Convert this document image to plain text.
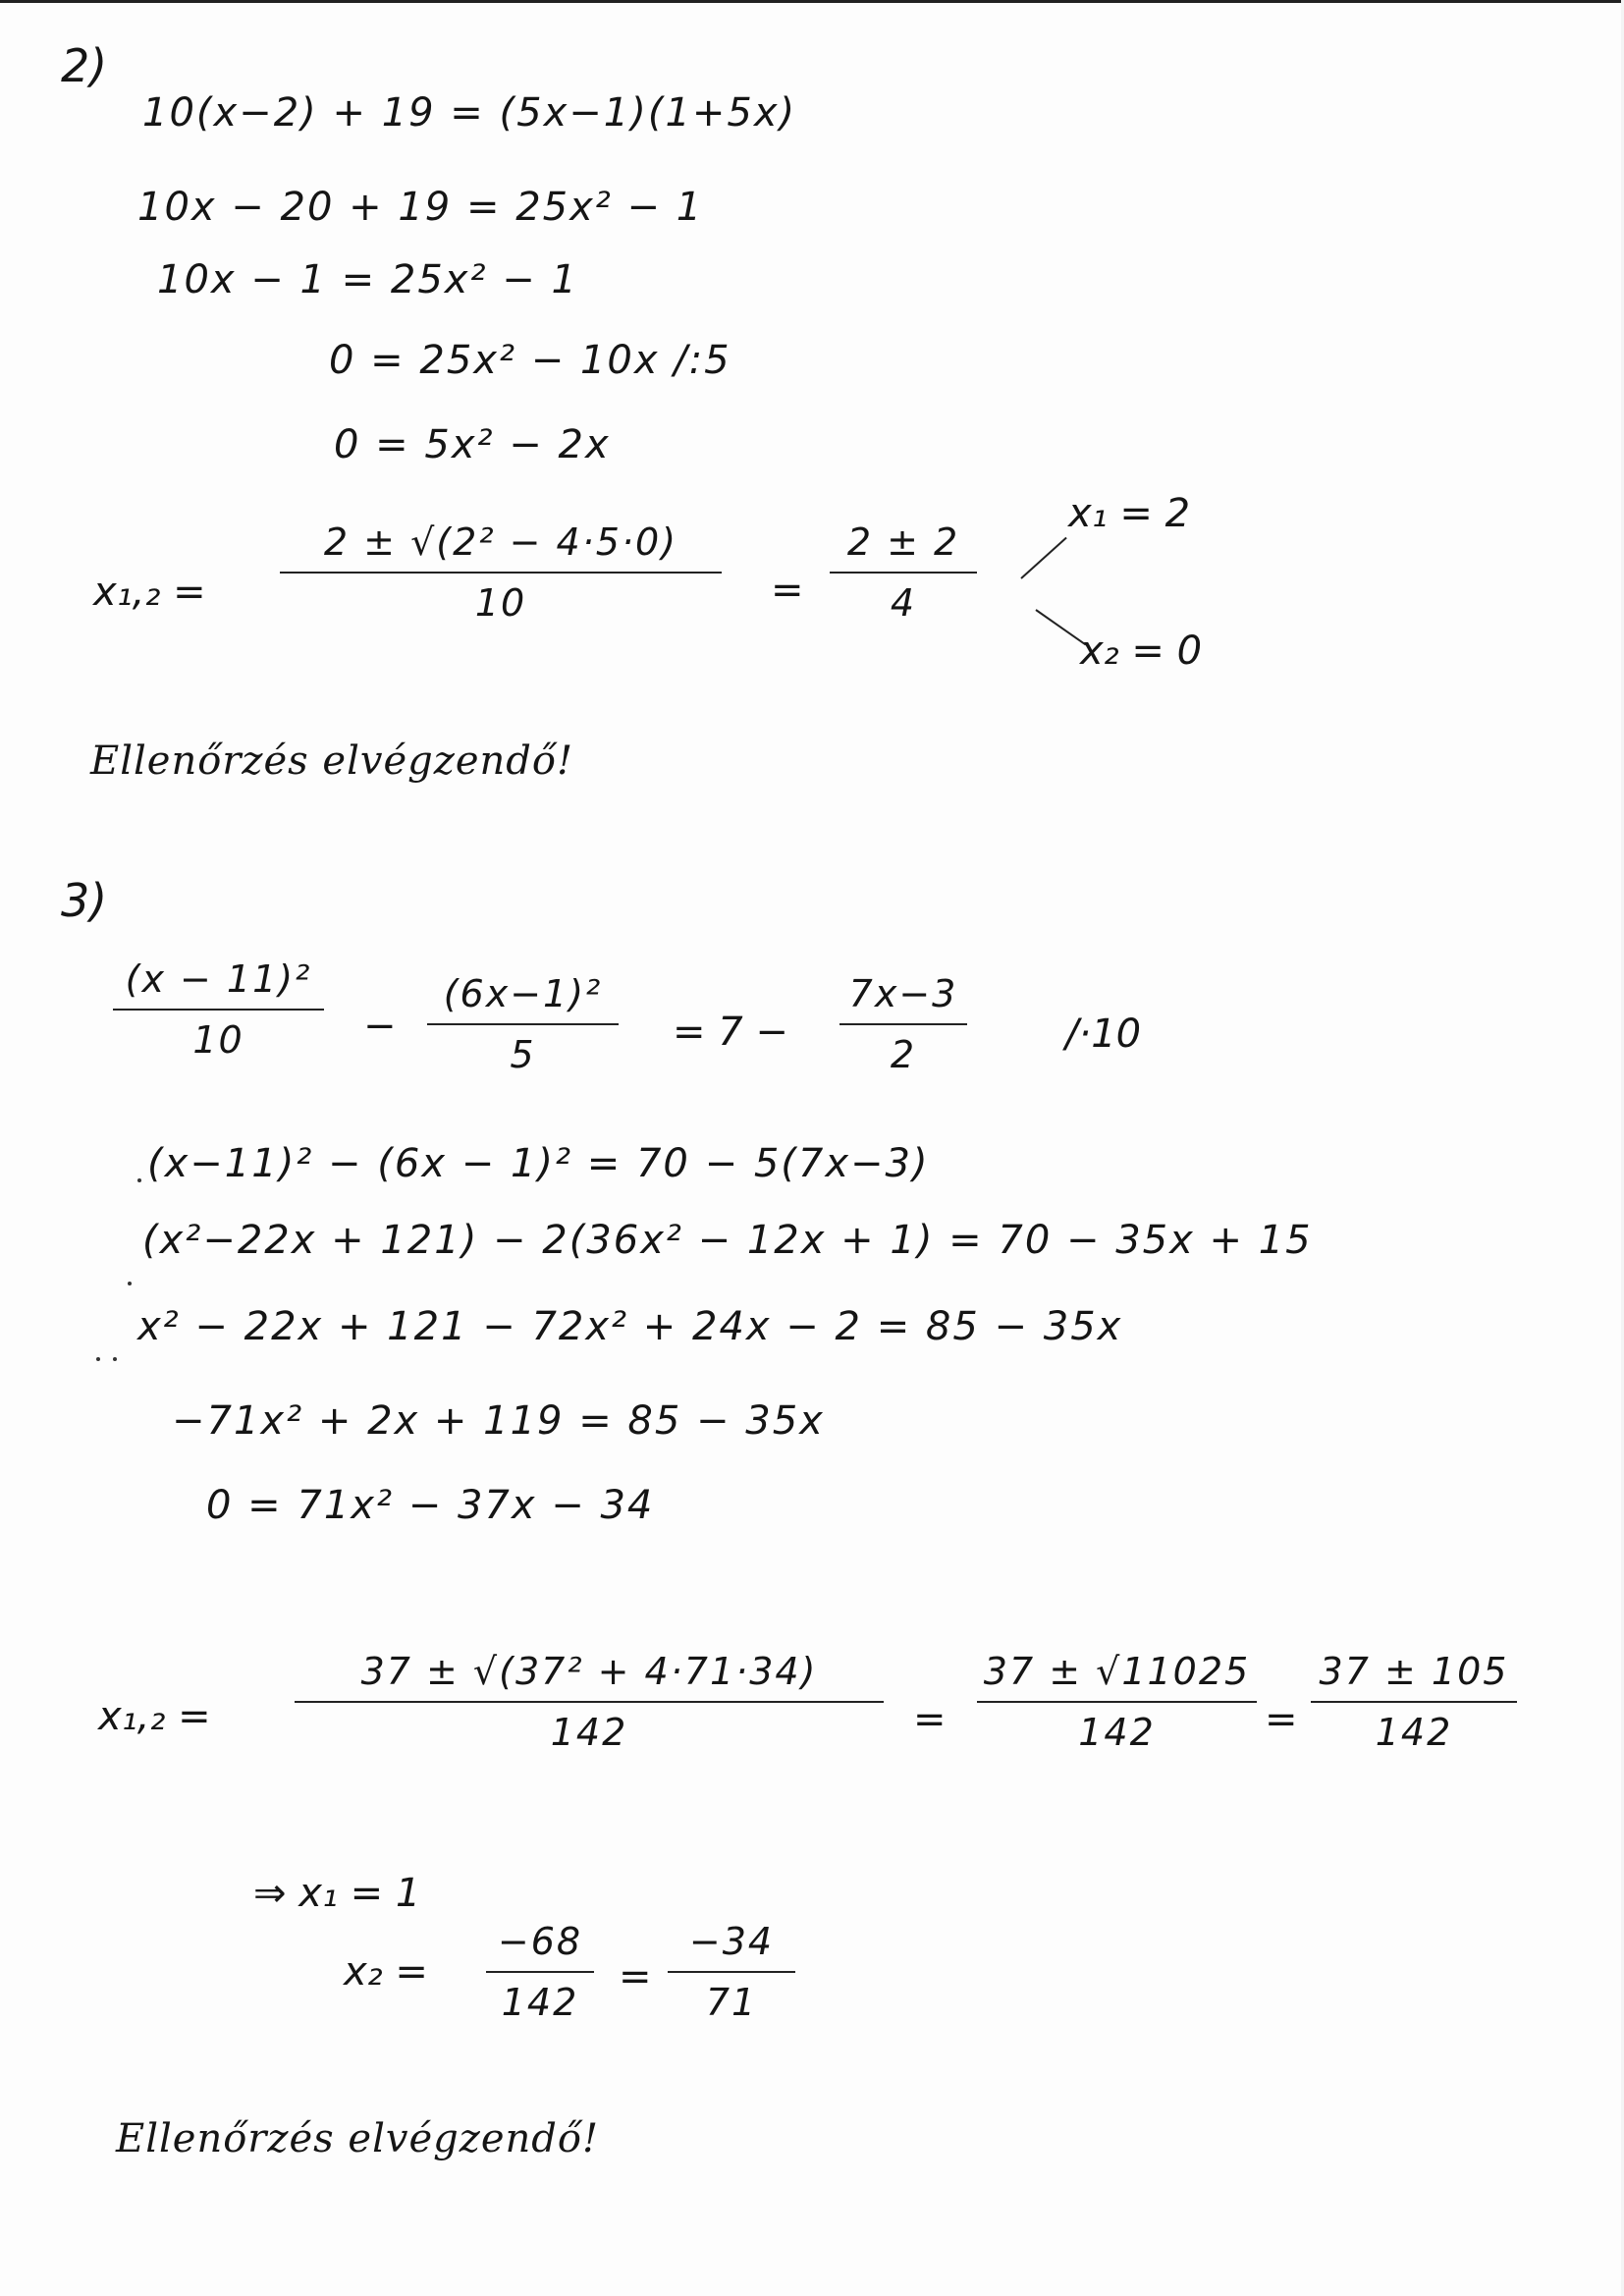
2)
10(x−2) + 19 = (5x−1)(1+5x)
10x − 20 + 19 = 25x² − 1
10x − 1 = 25x² − 1
0 = 25x² − 10x /:5
0 = 5x² − 2x
x₁,₂ =
2 ± √(2² − 4·5·0)
10	=
2 ± 2
4
x₁ = 2
x₂ = 0
Ellenőrzés elvégzendő!
3)
(x − 11)²
10	−
(6x−1)²
5	= 7 −
7x−3
2	/·10
(x−11)² − (6x − 1)² = 70 − 5(7x−3)
(x²−22x + 121) − 2(36x² − 12x + 1) = 70 − 35x + 15
x² − 22x + 121 − 72x² + 24x − 2 = 85 − 35x
−71x² + 2x + 119 = 85 − 35x
0 = 71x² − 37x − 34
x₁,₂ =
37 ± √(37² + 4·71·34)
142	=
37 ± √11025
142	=
37 ± 105
142
⇒ x₁ = 1
x₂ =
−68
142
=
−34
71
Ellenőrzés elvégzendő!
